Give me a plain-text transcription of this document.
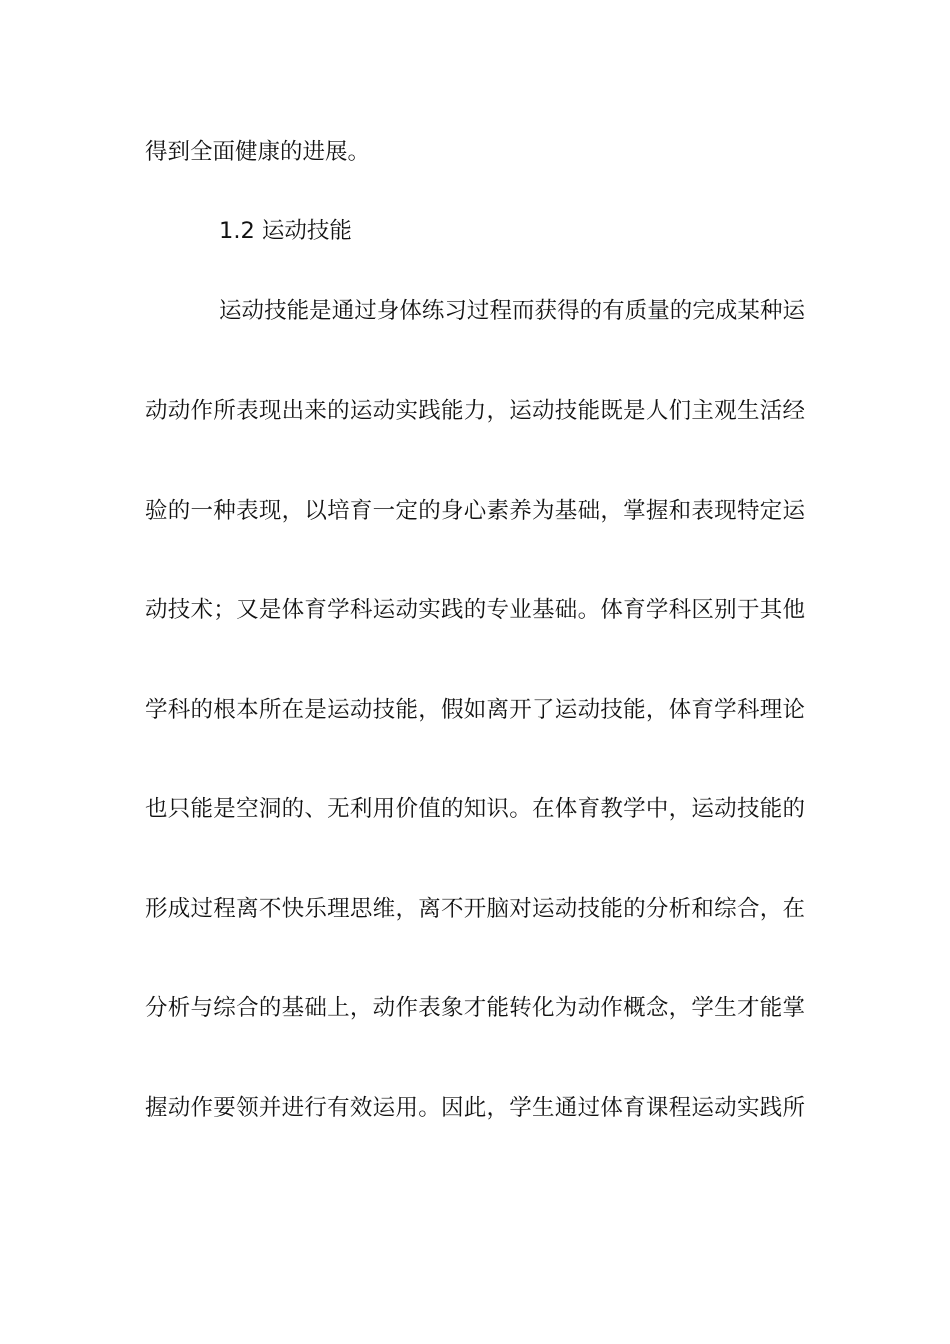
得到全面健康的进展。
1.2 运动技能
运动技能是通过身体练习过程而获得的有质量的完成某种运
动动作所表现出来的运动实践能力，运动技能既是人们主观生活经
验的一种表现，以培育一定的身心素养为基础，掌握和表现特定运
动技术；又是体育学科运动实践的专业基础。体育学科区别于其他
学科的根本所在是运动技能，假如离开了运动技能，体育学科理论
也只能是空洞的、无利用价值的知识。在体育教学中，运动技能的
形成过程离不快乐理思维，离不开脑对运动技能的分析和综合，在
分析与综合的基础上，动作表象才能转化为动作概念，学生才能掌
握动作要领并进行有效运用。因此，学生通过体育课程运动实践所
